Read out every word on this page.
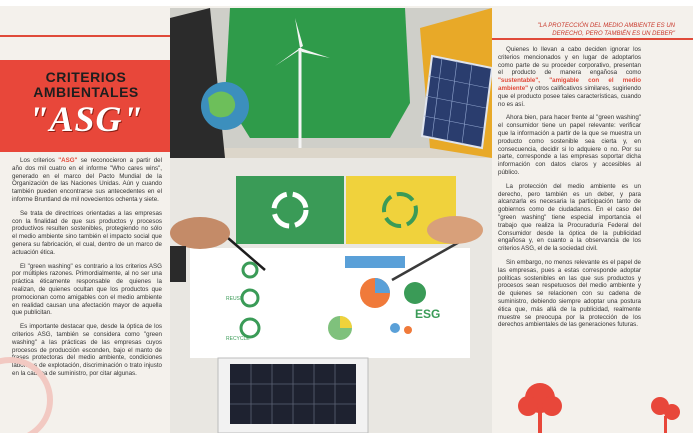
"LA PROTECCIÓN DEL MEDIO AMBIENTE ES UN DERECHO, PERO TAMBIÉN ES UN DEBER"
CRITERIOS
AMBIENTALES
"ASG"

Los criterios "ASG" se reconocieron a partir del año dos mil cuatro en el informe "Who cares wins", generado en el marco del Pacto Mundial de la Organización de las Naciones Unidas. Aún y cuando también pueden encontrarse sus antecedentes en el informe Bruntland de mil novecientos ochenta y siete.

Se trata de directrices orientadas a las empresas con la finalidad de que sus productos y procesos productivos resulten sostenibles, protegiendo no sólo el medio ambiente sino también el impacto social que genera su fabricación, el cual, dentro de un marco de actuación ética.

El "green washing" es contrario a los criterios ASG por múltiples razones. Primordialmente, al no ser una práctica éticamente responsable de quienes la realizan, de quienes ocultan que los productos que promocionan como amigables con el medio ambiente en realidad causan una afectación mayor de aquella que publicitan.

Es importante destacar que, desde la óptica de los criterios ASG, también se considera como "green washing" a las prácticas de las empresas cuyos procesos de producción esconden, bajo el manto de frases protectoras del medio ambiente, condiciones laborales de explotación, discriminación o trato injusto en la cadena de suministro, por citar algunas.

Quienes lo llevan a cabo deciden ignorar los criterios mencionados y en lugar de adoptarlos como parte de su proceder corporativo, presentan el producto de manera engañosa como "sustentable", "amigable con el medio ambiente" y otros calificativos similares, sugiriendo que el producto posee tales características, cuando no es así.

Ahora bien, para hacer frente al "green washing" el consumidor tiene un papel relevante: verificar que la información a partir de la que se muestra un producto como sostenible sea cierta y, en consecuencia, decidir si lo adquiere o no. Por su parte, corresponde a las empresas soportar dicha información con datos claros y accesibles al público.

La protección del medio ambiente es un derecho, pero también es un deber, y para alcanzarla es necesaria la participación tanto de gobiernos como de ciudadanos. En el caso del "green washing" tiene especial importancia el trabajo que realiza la Procuraduría Federal del Consumidor desde la óptica de la publicidad engañosa y, en cuanto a la observancia de los criterios ASG, el de la sociedad civil.

Sin embargo, no menos relevante es el papel de las empresas, pues a estas corresponde adoptar políticas sostenibles en las que sus productos y procesos sean respetuosos del medio ambiente y de quienes se relacionen con su cadena de suministro, debiendo siempre adoptar una postura ética que, más allá de la publicidad, realmente muestre se preocupa por la protección de los derechos ambientales de las generaciones futuras.

REUSE
RECYCLE
ESG
